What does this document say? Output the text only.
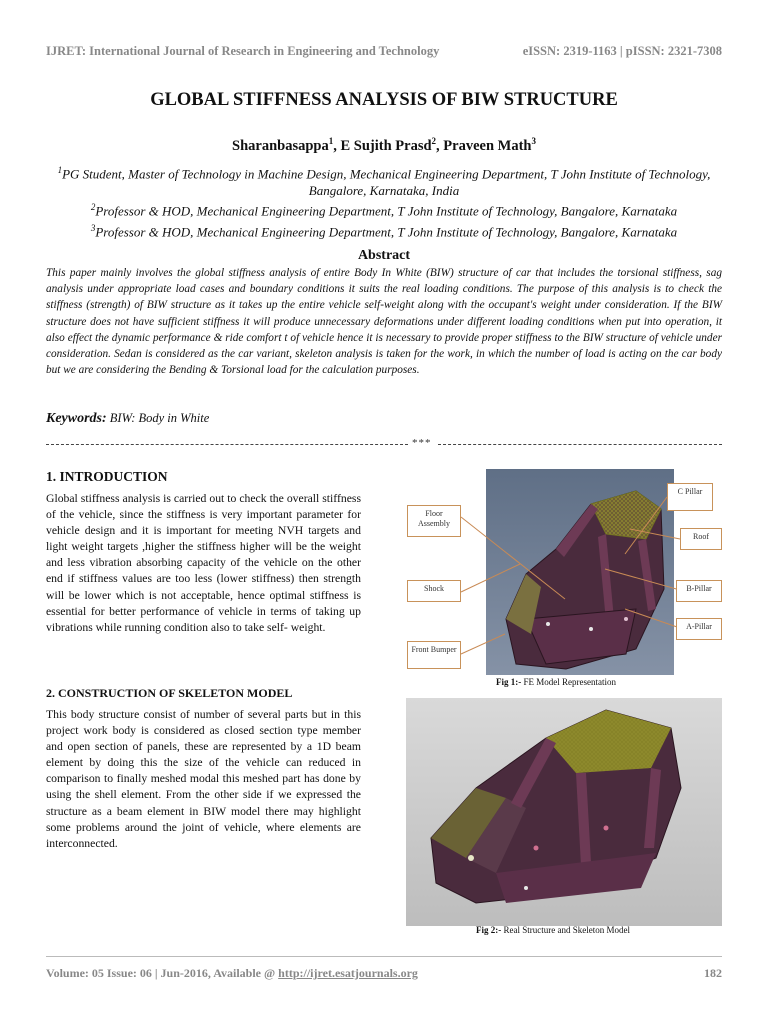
IJRET: International Journal of Research in Engineering and Technology	eISSN: 2319-1163 | pISSN: 2321-7308
GLOBAL STIFFNESS ANALYSIS OF BIW STRUCTURE
Sharanbasappa$^1$, E Sujith Prasd$^2$, Praveen Math$^3$
$^1$PG Student, Master of Technology in Machine Design, Mechanical Engineering Department, T John Institute of Technology, Bangalore, Karnataka, India
$^2$Professor & HOD, Mechanical Engineering Department, T John Institute of Technology, Bangalore, Karnataka
$^3$Professor & HOD, Mechanical Engineering Department, T John Institute of Technology, Bangalore, Karnataka
Abstract
This paper mainly involves the global stiffness analysis of entire Body In White (BIW) structure of car that includes the torsional stiffness, sag analysis under appropriate load cases and boundary conditions it suits the real loading conditions. The purpose of this analysis is to check the stiffness (strength) of BIW structure as it takes up the entire vehicle self-weight along with the occupant's weight under consideration. If the BIW structure does not have sufficient stiffness it will produce unnecessary deformations under different loading conditions when put into operation, it also effect the dynamic performance & ride comfort t of vehicle hence it is necessary to provide proper stiffness to the BIW structure of vehicle under consideration. Sedan is considered as the car variant, skeleton analysis is taken for the work, in which the number of load is acting on the car body but we are considering the Bending & Torsional load for the calculation purposes.
Keywords: BIW: Body in White
***
1. INTRODUCTION
Global stiffness analysis is carried out to check the overall stiffness of the vehicle, since the stiffness is very important parameter for vehicle design and it is important for meeting NVH targets and light weight targets ,higher the stiffness higher will be the weight and less vibration absorbing capacity of the vehicle on the other end if stiffness values are too less (lower stiffness) then strength will be lower which is not acceptable, hence optimal stiffness is essential for better performance of vehicle in terms of taking up vibrations while running condition also to take self- weight.
2. CONSTRUCTION OF SKELETON MODEL
This body structure consist of number of several parts but in this project work body is considered as closed section type member and open section of panels, these are represented by a 1D beam element by doing this the size of the vehicle can reduced in comparison to finally meshed modal this meshed part has done by using the shell element. From the other side if we expressed the structure as a beam element in BIW model there may highlight some problems around the joint of vehicle, where elements are interconnected.
Floor Assembly
Shock
Front Bumper
C Pillar
Roof
B-Pillar
A-Pillar
Fig 1:- FE Model Representation
Fig 2:- Real Structure and Skeleton Model
Volume: 05 Issue: 06 | Jun-2016, Available @ http://ijret.esatjournals.org	182
